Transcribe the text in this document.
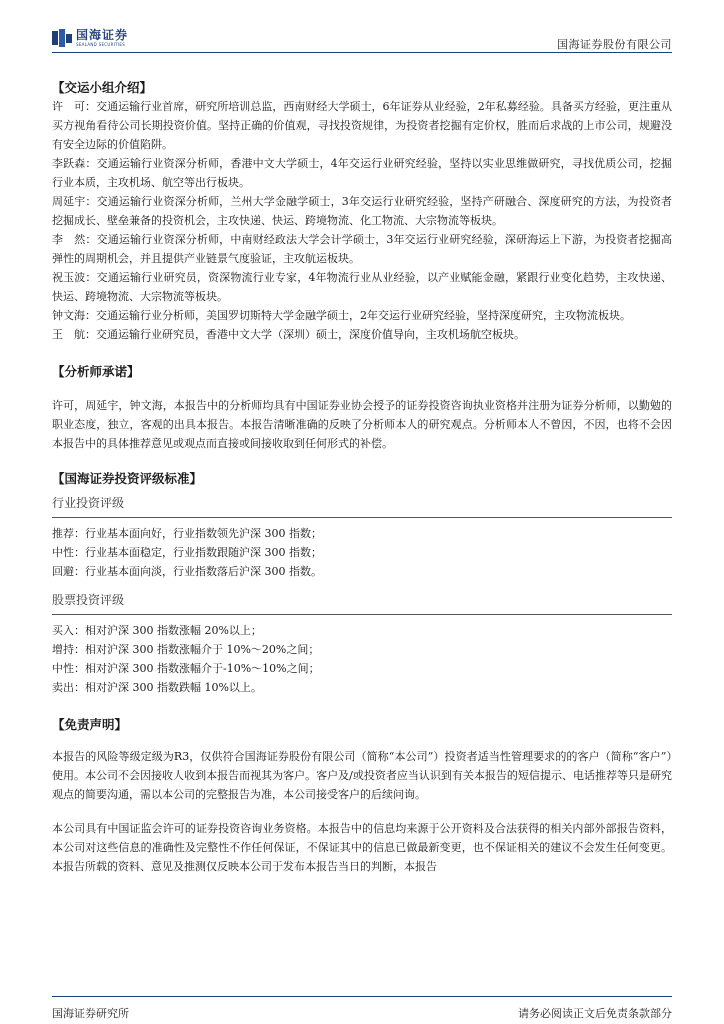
国海证券
SEALAND SECURITIES	国海证券股份有限公司

【交运小组介绍】

许　可：交通运输行业首席，研究所培训总监，西南财经大学硕士，6年证券从业经验，2年私募经验。具备买方经验，更注重从买方视角看待公司长期投资价值。坚持正确的价值观，寻找投资规律，为投资者挖掘有定价权，胜而后求战的上市公司，规避没有安全边际的价值陷阱。

李跃森：交通运输行业资深分析师，香港中文大学硕士，4年交运行业研究经验，坚持以实业思维做研究，寻找优质公司，挖掘行业本质，主攻机场、航空等出行板块。

周延宇：交通运输行业资深分析师，兰州大学金融学硕士，3年交运行业研究经验，坚持产研融合、深度研究的方法，为投资者挖掘成长、壁垒兼备的投资机会，主攻快递、快运、跨境物流、化工物流、大宗物流等板块。

李　然：交通运输行业资深分析师，中南财经政法大学会计学硕士，3年交运行业研究经验，深研海运上下游，为投资者挖掘高弹性的周期机会，并且提供产业链景气度验证，主攻航运板块。

祝玉波：交通运输行业研究员，资深物流行业专家，4年物流行业从业经验，以产业赋能金融，紧跟行业变化趋势，主攻快递、快运、跨境物流、大宗物流等板块。

钟文海：交通运输行业分析师，美国罗切斯特大学金融学硕士，2年交运行业研究经验，坚持深度研究，主攻物流板块。

王　航：交通运输行业研究员，香港中文大学（深圳）硕士，深度价值导向，主攻机场航空板块。

【分析师承诺】

许可，周延宇，钟文海，本报告中的分析师均具有中国证券业协会授予的证券投资咨询执业资格并注册为证券分析师，以勤勉的职业态度，独立，客观的出具本报告。本报告清晰准确的反映了分析师本人的研究观点。分析师本人不曾因，不因，也将不会因本报告中的具体推荐意见或观点而直接或间接收取到任何形式的补偿。

【国海证券投资评级标准】

行业投资评级

推荐：行业基本面向好，行业指数领先沪深 300 指数；

中性：行业基本面稳定，行业指数跟随沪深 300 指数；

回避：行业基本面向淡，行业指数落后沪深 300 指数。

股票投资评级

买入：相对沪深 300 指数涨幅 20%以上；

增持：相对沪深 300 指数涨幅介于 10%～20%之间；

中性：相对沪深 300 指数涨幅介于-10%～10%之间；

卖出：相对沪深 300 指数跌幅 10%以上。

【免责声明】

本报告的风险等级定级为R3，仅供符合国海证券股份有限公司（简称“本公司”）投资者适当性管理要求的的客户（简称“客户”）使用。本公司不会因接收人收到本报告而视其为客户。客户及/或投资者应当认识到有关本报告的短信提示、电话推荐等只是研究观点的简要沟通，需以本公司的完整报告为准，本公司接受客户的后续问询。

本公司具有中国证监会许可的证券投资咨询业务资格。本报告中的信息均来源于公开资料及合法获得的相关内部外部报告资料，本公司对这些信息的准确性及完整性不作任何保证，不保证其中的信息已做最新变更，也不保证相关的建议不会发生任何变更。本报告所载的资料、意见及推测仅反映本公司于发布本报告当日的判断，本报告

国海证券研究所	请务必阅读正文后免责条款部分
